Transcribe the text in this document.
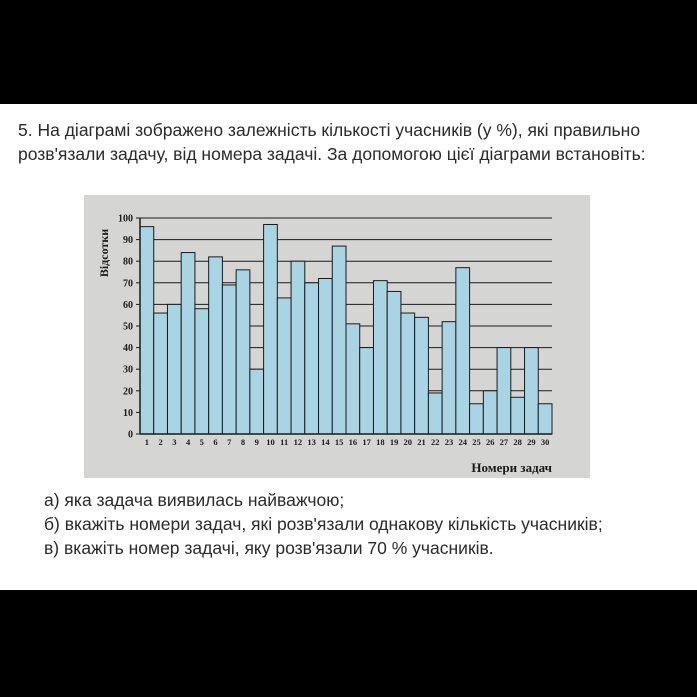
5. На діаграмі зображено залежність кількості учасників (у %), які правильно розв'язали задачу, від номера задачі. За допомогою цієї діаграми встановіть:

0
10
20
30
40
50
60
70
80
90
100
1 2 3 4 5 6 7 8 9 10 11 12 13 14 15 16 17 18 19 20 21 22 23 24 25 26 27 28 29 30
Відсотки
Номери задач
а) яка задача виявилась найважчою;
б) вкажіть номери задач, які розв'язали однакову кількість учасників;
в) вкажіть номер задачі, яку розв'язали 70 % учасників.
